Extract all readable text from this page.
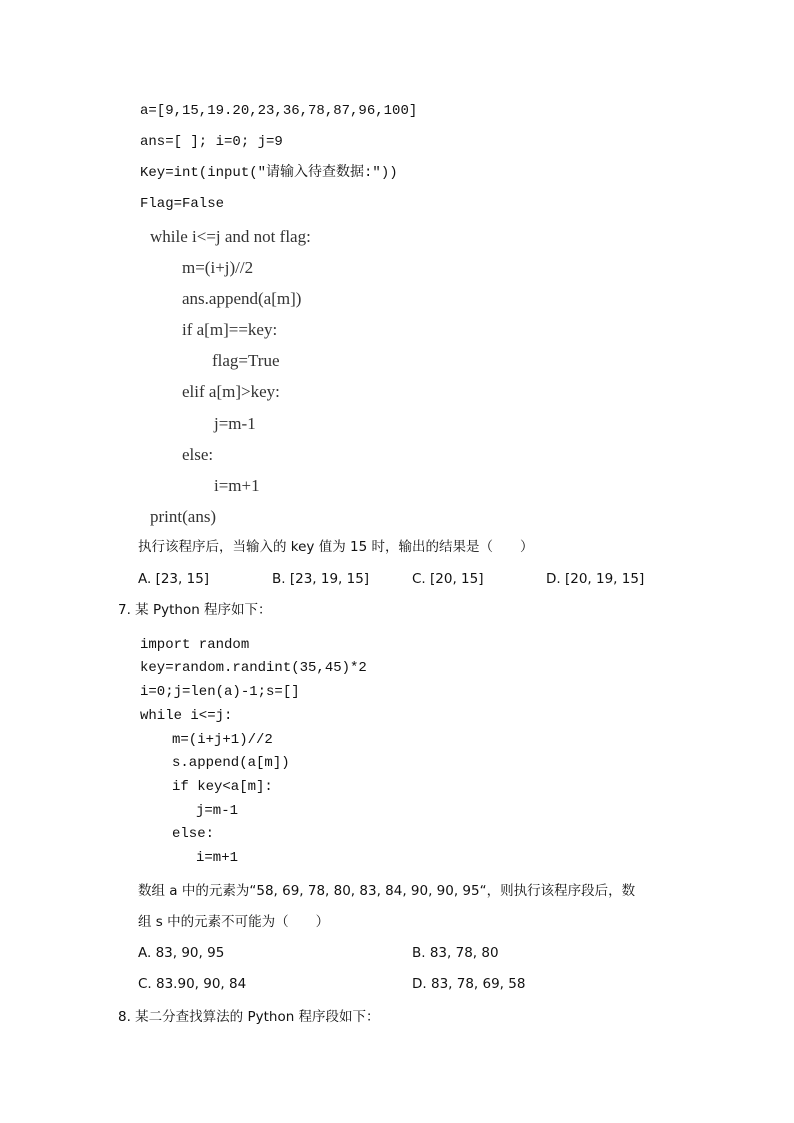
a=[9,15,19.20,23,36,78,87,96,100]
ans=[ ]; i=0; j=9
Key=int(input("请输入待查数据:"))
Flag=False
while i<=j and not flag:
m=(i+j)//2
ans.append(a[m])
if a[m]==key:
flag=True
elif a[m]>key:
j=m-1
else:
i=m+1
print(ans)
执行该程序后，当输入的 key 值为 15 时，输出的结果是（　　）
A. [23, 15]	B. [23, 19, 15]	C. [20, 15]	D. [20, 19, 15]
7. 某 Python 程序如下：
import random
key=random.randint(35,45)*2
i=0;j=len(a)-1;s=[]
while i<=j:
m=(i+j+1)//2
s.append(a[m])
if key<a[m]:
j=m-1
else:
i=m+1
数组 a 中的元素为“58, 69, 78, 80, 83, 84, 90, 90, 95“，则执行该程序段后，数
组 s 中的元素不可能为（　　）
A. 83, 90, 95	B. 83, 78, 80
C. 83.90, 90, 84	D. 83, 78, 69, 58
8. 某二分查找算法的 Python 程序段如下：
